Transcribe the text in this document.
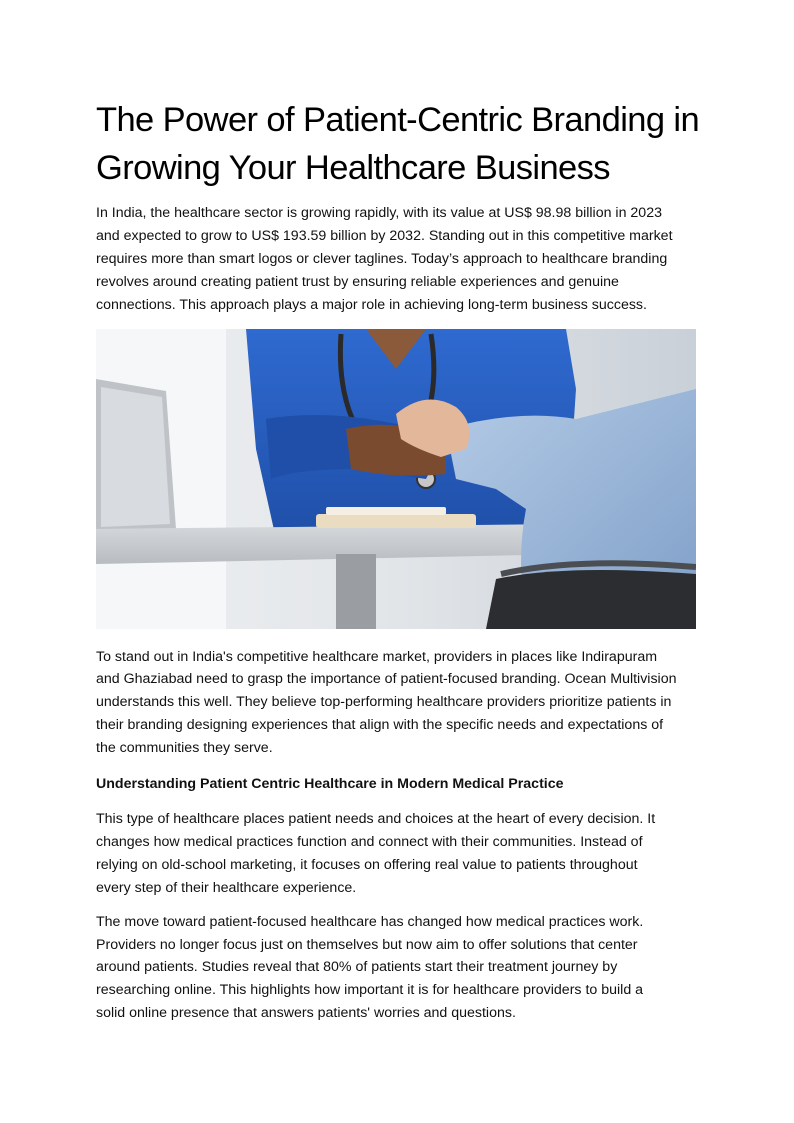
The Power of Patient-Centric Branding in
Growing Your Healthcare Business

In India, the healthcare sector is growing rapidly, with its value at US$ 98.98 billion in 2023
and expected to grow to US$ 193.59 billion by 2032. Standing out in this competitive market
requires more than smart logos or clever taglines. Today’s approach to healthcare branding
revolves around creating patient trust by ensuring reliable experiences and genuine
connections. This approach plays a major role in achieving long-term business success.

To stand out in India's competitive healthcare market, providers in places like Indirapuram
and Ghaziabad need to grasp the importance of patient-focused branding. Ocean Multivision
understands this well. They believe top-performing healthcare providers prioritize patients in
their branding designing experiences that align with the specific needs and expectations of
the communities they serve.

Understanding Patient Centric Healthcare in Modern Medical Practice

This type of healthcare places patient needs and choices at the heart of every decision. It
changes how medical practices function and connect with their communities. Instead of
relying on old-school marketing, it focuses on offering real value to patients throughout
every step of their healthcare experience.

The move toward patient-focused healthcare has changed how medical practices work.
Providers no longer focus just on themselves but now aim to offer solutions that center
around patients. Studies reveal that 80% of patients start their treatment journey by
researching online. This highlights how important it is for healthcare providers to build a
solid online presence that answers patients' worries and questions.
